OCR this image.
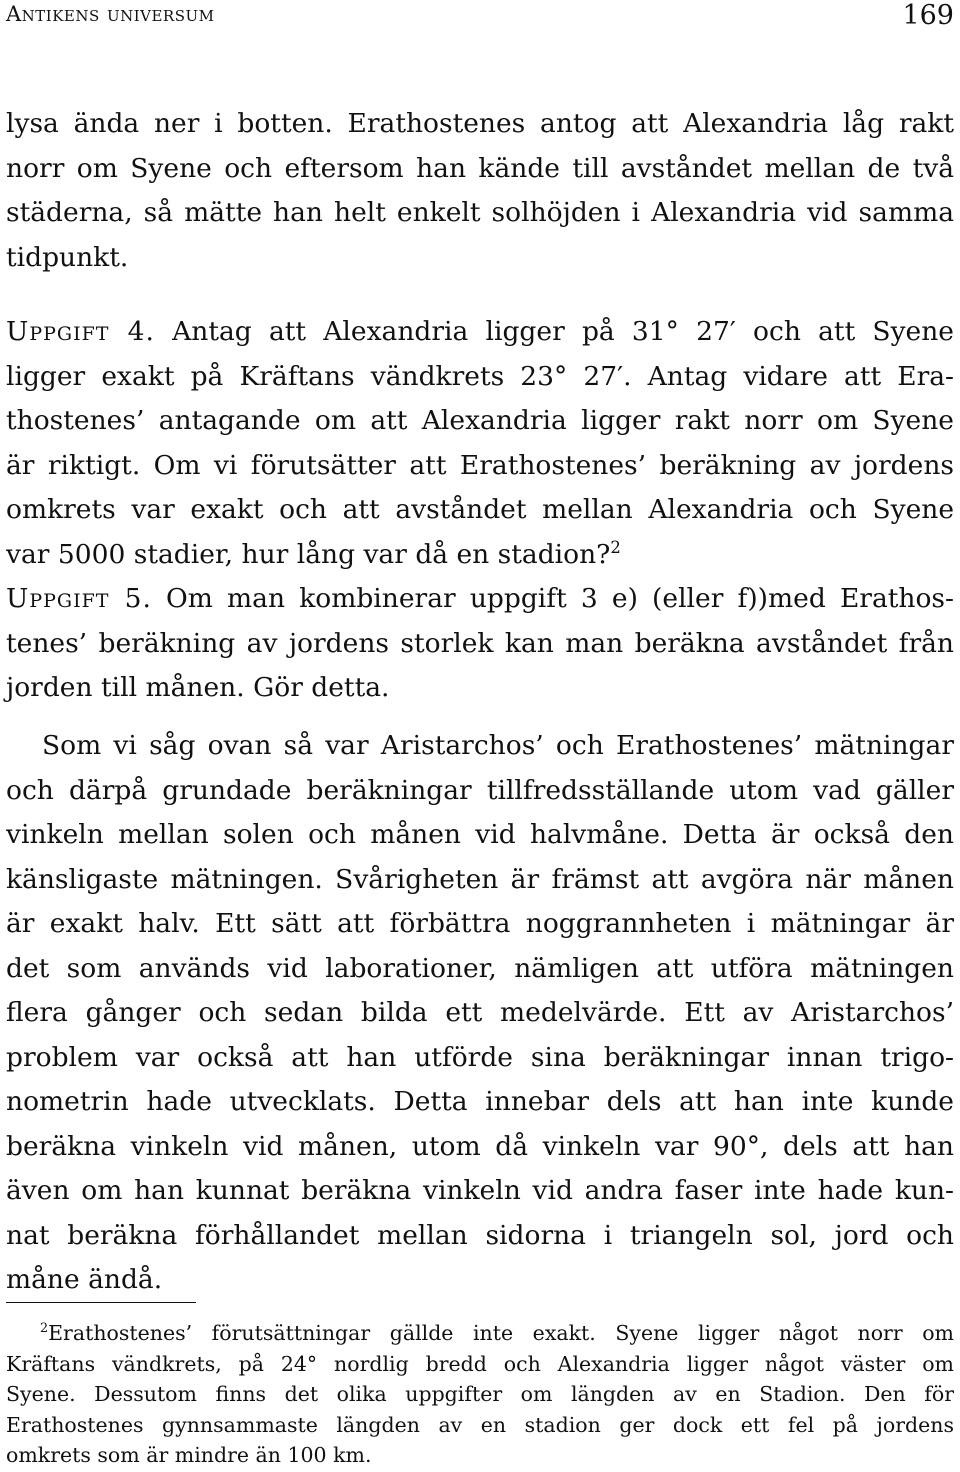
Antikens universum	169
lysa ända ner i botten. Erathostenes antog att Alexandria låg rakt
norr om Syene och eftersom han kände till avståndet mellan de två
städerna, så mätte han helt enkelt solhöjden i Alexandria vid samma
tidpunkt.
Uppgift 4. Antag att Alexandria ligger på 31° 27′ och att Syene
ligger exakt på Kräftans vändkrets 23° 27′. Antag vidare att Era-
thostenes’ antagande om att Alexandria ligger rakt norr om Syene
är riktigt. Om vi förutsätter att Erathostenes’ beräkning av jordens
omkrets var exakt och att avståndet mellan Alexandria och Syene
var 5000 stadier, hur lång var då en stadion?$^2$
Uppgift 5. Om man kombinerar uppgift 3 e) (eller f))med Erathos-
tenes’ beräkning av jordens storlek kan man beräkna avståndet från
jorden till månen. Gör detta.
Som vi såg ovan så var Aristarchos’ och Erathostenes’ mätningar
och därpå grundade beräkningar tillfredsställande utom vad gäller
vinkeln mellan solen och månen vid halvmåne. Detta är också den
känsligaste mätningen. Svårigheten är främst att avgöra när månen
är exakt halv. Ett sätt att förbättra noggrannheten i mätningar är
det som används vid laborationer, nämligen att utföra mätningen
flera gånger och sedan bilda ett medelvärde. Ett av Aristarchos’
problem var också att han utförde sina beräkningar innan trigo-
nometrin hade utvecklats. Detta innebar dels att han inte kunde
beräkna vinkeln vid månen, utom då vinkeln var 90°, dels att han
även om han kunnat beräkna vinkeln vid andra faser inte hade kun-
nat beräkna förhållandet mellan sidorna i triangeln sol, jord och
måne ändå.
$^2$Erathostenes’ förutsättningar gällde inte exakt. Syene ligger något norr om
Kräftans vändkrets, på 24° nordlig bredd och Alexandria ligger något väster om
Syene. Dessutom finns det olika uppgifter om längden av en Stadion. Den för
Erathostenes gynnsammaste längden av en stadion ger dock ett fel på jordens
omkrets som är mindre än 100 km.
